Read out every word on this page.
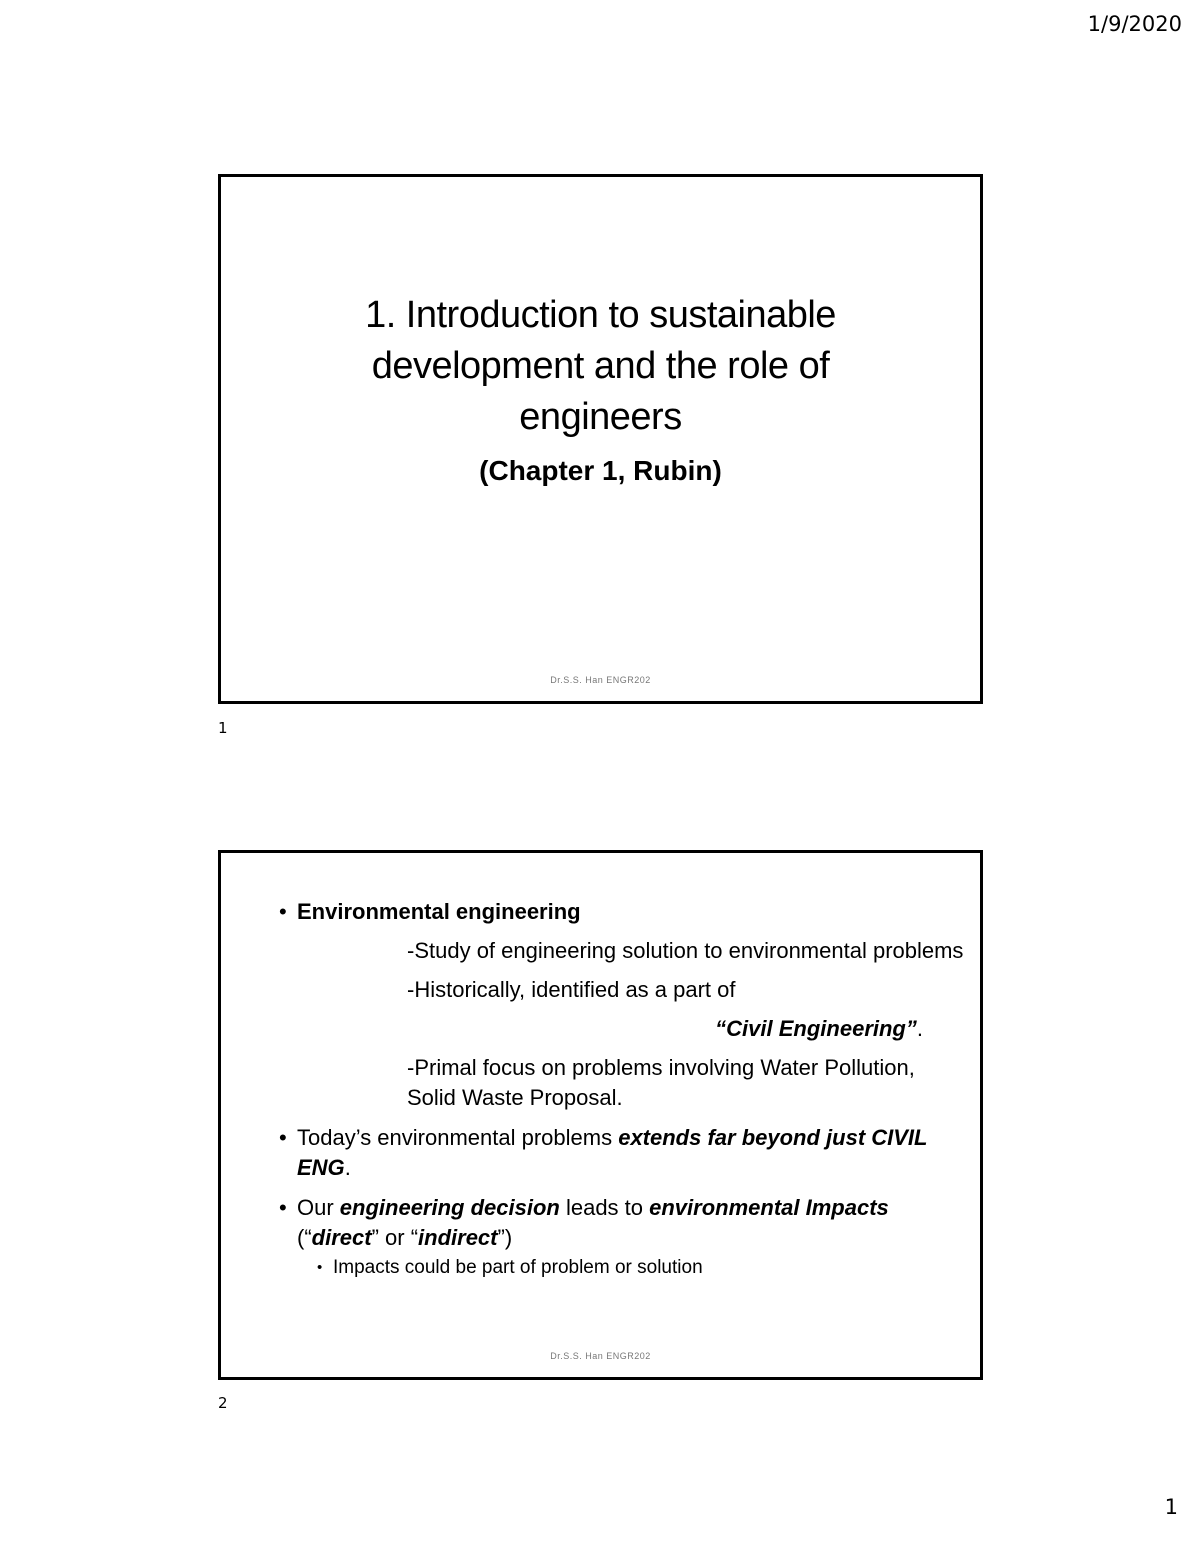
1/9/2020
1. Introduction to sustainable
development and the role of
engineers
(Chapter 1, Rubin)
Dr.S.S. Han ENGR202
1
• Environmental engineering
-Study of engineering solution to environmental problems
-Historically, identified as a part of
“Civil Engineering”.
-Primal focus on problems involving Water Pollution, Solid Waste Proposal.
• Today’s environmental problems extends far beyond just CIVIL ENG.
• Our engineering decision leads to environmental Impacts (“direct” or “indirect”)
• Impacts could be part of problem or solution
Dr.S.S. Han ENGR202
2
1
